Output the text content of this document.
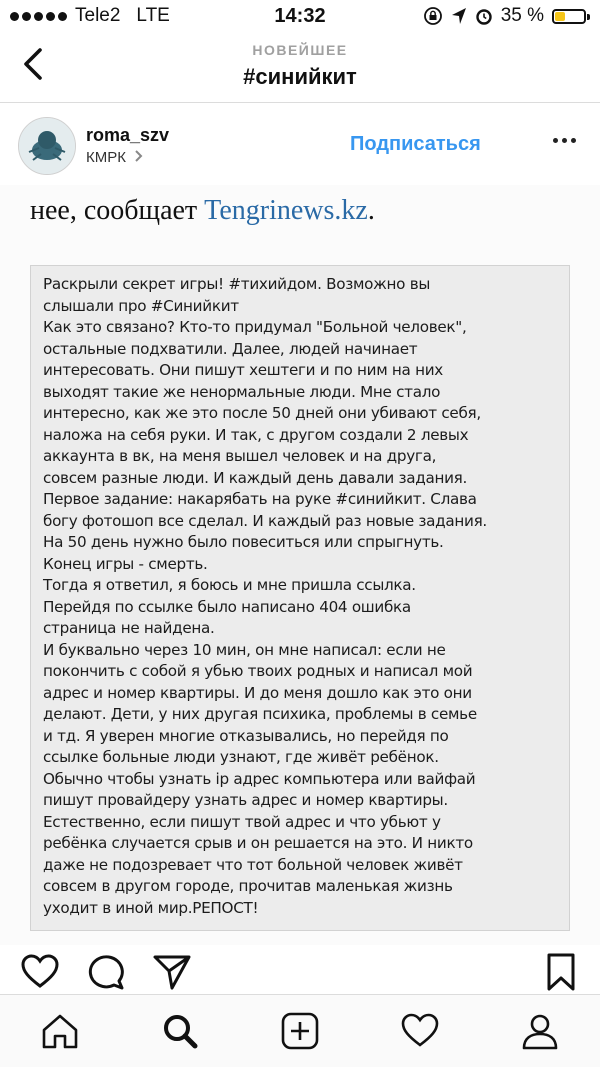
Tele2 LTE	14:32	35 %
НОВЕЙШЕЕ
#синийкит
roma_szv
КМРК
Подписаться
нее, сообщает Tengrinews.kz.
Раскрыли секрет игры! #тихийдом. Возможно вы
слышали про #Синийкит
Как это связано? Кто-то придумал "Больной человек",
остальные подхватили. Далее, людей начинает
интересовать. Они пишут хештеги и по ним на них
выходят такие же ненормальные люди. Мне стало
интересно, как же это после 50 дней они убивают себя,
наложа на себя руки. И так, с другом создали 2 левых
аккаунта в вк, на меня вышел человек и на друга,
совсем разные люди. И каждый день давали задания.
Первое задание: накарябать на руке #синийкит. Слава
богу фотошоп все сделал. И каждый раз новые задания.
На 50 день нужно было повеситься или спрыгнуть.
Конец игры - смерть.
Тогда я ответил, я боюсь и мне пришла ссылка.
Перейдя по ссылке было написано 404 ошибка
страница не найдена.
И буквально через 10 мин, он мне написал: если не
покончить с собой я убью твоих родных и написал мой
адрес и номер квартиры. И до меня дошло как это они
делают. Дети, у них другая психика, проблемы в семье
и тд. Я уверен многие отказывались, но перейдя по
ссылке больные люди узнают, где живёт ребёнок.
Обычно чтобы узнать ip адрес компьютера или вайфай
пишут провайдеру узнать адрес и номер квартиры.
Естественно, если пишут твой адрес и что убьют у
ребёнка случается срыв и он решается на это. И никто
даже не подозревает что тот больной человек живёт
совсем в другом городе, прочитав маленькая жизнь
уходит в иной мир.РЕПОСТ!
